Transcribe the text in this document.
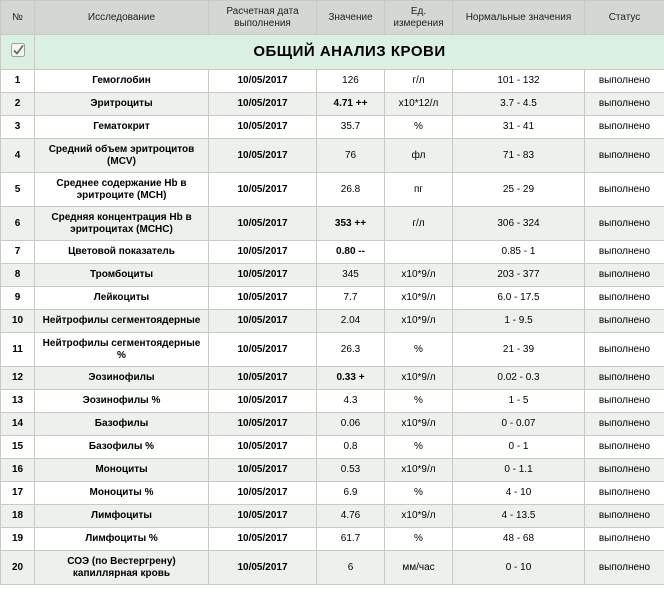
№	Исследование	Расчетная дата выполнения	Значение	Ед. измерения	Нормальные значения	Статус
	ОБЩИЙ АНАЛИЗ КРОВИ					
1	Гемоглобин	10/05/2017	126	г/л	101 - 132	выполнено
2	Эритроциты	10/05/2017	4.71 ++	x10*12/л	3.7 - 4.5	выполнено
3	Гематокрит	10/05/2017	35.7	%	31 - 41	выполнено
4	Средний объем эритроцитов (MCV)	10/05/2017	76	фл	71 - 83	выполнено
5	Среднее содержание Hb в эритроците (MCH)	10/05/2017	26.8	пг	25 - 29	выполнено
6	Средняя концентрация Hb в эритроцитах (MCHC)	10/05/2017	353 ++	г/л	306 - 324	выполнено
7	Цветовой показатель	10/05/2017	0.80 --		0.85 - 1	выполнено
8	Тромбоциты	10/05/2017	345	x10*9/л	203 - 377	выполнено
9	Лейкоциты	10/05/2017	7.7	x10*9/л	6.0 - 17.5	выполнено
10	Нейтрофилы сегментоядерные	10/05/2017	2.04	x10*9/л	1 - 9.5	выполнено
11	Нейтрофилы сегментоядерные %	10/05/2017	26.3	%	21 - 39	выполнено
12	Эозинофилы	10/05/2017	0.33 +	x10*9/л	0.02 - 0.3	выполнено
13	Эозинофилы %	10/05/2017	4.3	%	1 - 5	выполнено
14	Базофилы	10/05/2017	0.06	x10*9/л	0 - 0.07	выполнено
15	Базофилы %	10/05/2017	0.8	%	0 - 1	выполнено
16	Моноциты	10/05/2017	0.53	x10*9/л	0 - 1.1	выполнено
17	Моноциты %	10/05/2017	6.9	%	4 - 10	выполнено
18	Лимфоциты	10/05/2017	4.76	x10*9/л	4 - 13.5	выполнено
19	Лимфоциты %	10/05/2017	61.7	%	48 - 68	выполнено
20	СОЭ (по Вестергрену) капиллярная кровь	10/05/2017	6	мм/час	0 - 10	выполнено
